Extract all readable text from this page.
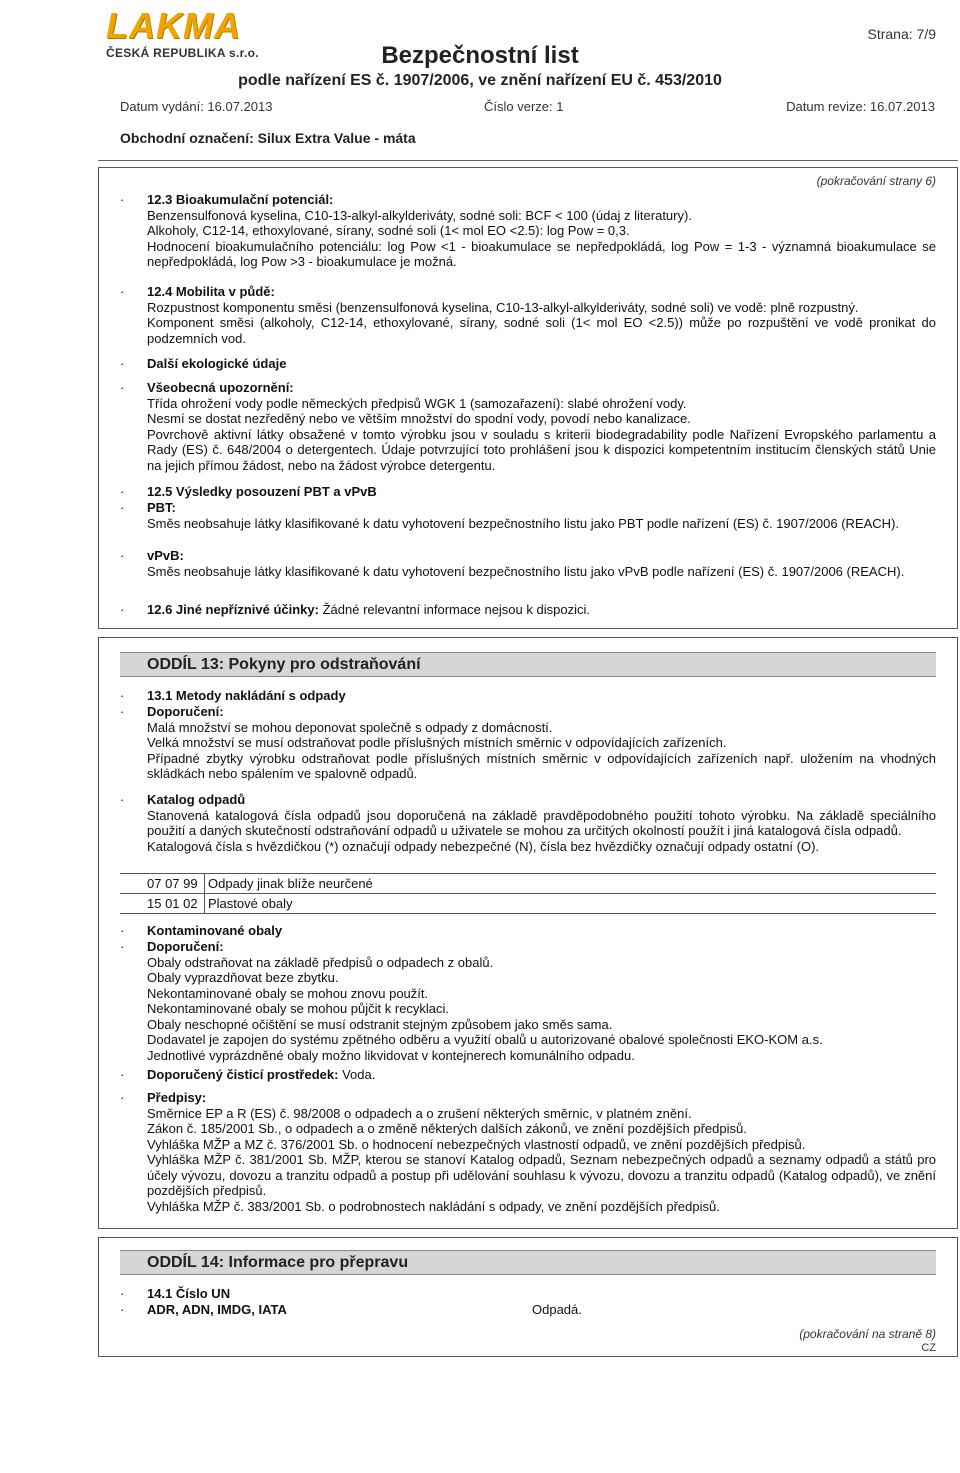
LAKMA
ČESKÁ REPUBLIKA s.r.o.
Strana: 7/9
Bezpečnostní list
podle nařízení ES č. 1907/2006, ve znění nařízení EU č. 453/2010
Datum vydání: 16.07.2013	Číslo verze: 1	Datum revize: 16.07.2013
Obchodní označení: Silux Extra Value - máta
(pokračování strany 6)
·	12.3 Bioakumulační potenciál:

Benzensulfonová kyselina, C10-13-alkyl-alkylderiváty, sodné soli: BCF < 100 (údaj z literatury).

Alkoholy, C12-14, ethoxylované, sírany, sodné soli (1< mol EO <2.5): log Pow = 0,3.

Hodnocení bioakumulačního potenciálu: log Pow <1 - bioakumulace se nepředpokládá, log Pow = 1-3 - významná bioakumulace se nepředpokládá, log Pow >3 - bioakumulace je možná.

·	12.4 Mobilita v půdě:

Rozpustnost komponentu směsi (benzensulfonová kyselina, C10-13-alkyl-alkylderiváty, sodné soli) ve vodě: plně rozpustný.

Komponent směsi (alkoholy, C12-14, ethoxylované, sírany, sodné soli (1< mol EO <2.5)) může po rozpuštění ve vodě pronikat do podzemních vod.

·	Další ekologické údaje

·	Všeobecná upozornění:

Třída ohrožení vody podle německých předpisů WGK 1 (samozařazení): slabé ohrožení vody.

Nesmí se dostat nezředěný nebo ve větším množství do spodní vody, povodí nebo kanalizace.

Povrchově aktivní látky obsažené v tomto výrobku jsou v souladu s kriterii biodegradability podle Nařízení Evropského parlamentu a Rady (ES) č. 648/2004 o detergentech. Údaje potvrzující toto prohlášení jsou k dispozici kompetentním institucím členských států Unie na jejich přímou žádost, nebo na žádost výrobce detergentu.

·	12.5 Výsledky posouzení PBT a vPvB

·	PBT:

Směs neobsahuje látky klasifikované k datu vyhotovení bezpečnostního listu jako PBT podle nařízení (ES) č. 1907/2006 (REACH).

·	vPvB:

Směs neobsahuje látky klasifikované k datu vyhotovení bezpečnostního listu jako vPvB podle nařízení (ES) č. 1907/2006 (REACH).

·	12.6 Jiné nepříznivé účinky: Žádné relevantní informace nejsou k dispozici.

ODDÍL 13: Pokyny pro odstraňování
·	13.1 Metody nakládání s odpady

·	Doporučení:

Malá množství se mohou deponovat společně s odpady z domácností.

Velká množství se musí odstraňovat podle příslušných místních směrnic v odpovídajících zařízeních.

Případné zbytky výrobku odstraňovat podle příslušných místních směrnic v odpovídajících zařízeních např. uložením na vhodných skládkách nebo spálením ve spalovně odpadů.

·	Katalog odpadů

Stanovená katalogová čísla odpadů jsou doporučená na základě pravděpodobného použití tohoto výrobku. Na základě speciálního použití a daných skutečností odstraňování odpadů u uživatele se mohou za určitých okolností použít i jiná katalogová čísla odpadů.

Katalogová čísla s hvězdičkou (*) označují odpady nebezpečné (N), čísla bez hvězdičky označují odpady ostatní (O).

07 07 99	Odpady jinak blíže neurčené
15 01 02	Plastové obaly
·	Kontaminované obaly

·	Doporučení:

Obaly odstraňovat na základě předpisů o odpadech z obalů.

Obaly vyprazdňovat beze zbytku.

Nekontaminované obaly se mohou znovu použít.

Nekontaminované obaly se mohou půjčit k recyklaci.

Obaly neschopné očištění se musí odstranit stejným způsobem jako směs sama.

Dodavatel je zapojen do systému zpětného odběru a využití obalů u autorizované obalové společnosti EKO-KOM a.s.

Jednotlivé vyprázdněné obaly možno likvidovat v kontejnerech komunálního odpadu.

·	Doporučený čisticí prostředek: Voda.

·	Předpisy:

Směrnice EP a R (ES) č. 98/2008 o odpadech a o zrušení některých směrnic, v platném znění.

Zákon č. 185/2001 Sb., o odpadech a o změně některých dalších zákonů, ve znění pozdějších předpisů.

Vyhláška MŽP a MZ č. 376/2001 Sb. o hodnocení nebezpečných vlastností odpadů, ve znění pozdějších předpisů.

Vyhláška MŽP č. 381/2001 Sb. MŽP, kterou se stanoví Katalog odpadů, Seznam nebezpečných odpadů a seznamy odpadů a států pro účely vývozu, dovozu a tranzitu odpadů a postup při udělování souhlasu k vývozu, dovozu a tranzitu odpadů (Katalog odpadů), ve znění pozdějších předpisů.

Vyhláška MŽP č. 383/2001 Sb. o podrobnostech nakládání s odpady, ve znění pozdějších předpisů.

ODDÍL 14: Informace pro přepravu
·	14.1 Číslo UN

·	ADR, ADN, IMDG, IATA	Odpadá.

(pokračování na straně 8)
CZ
